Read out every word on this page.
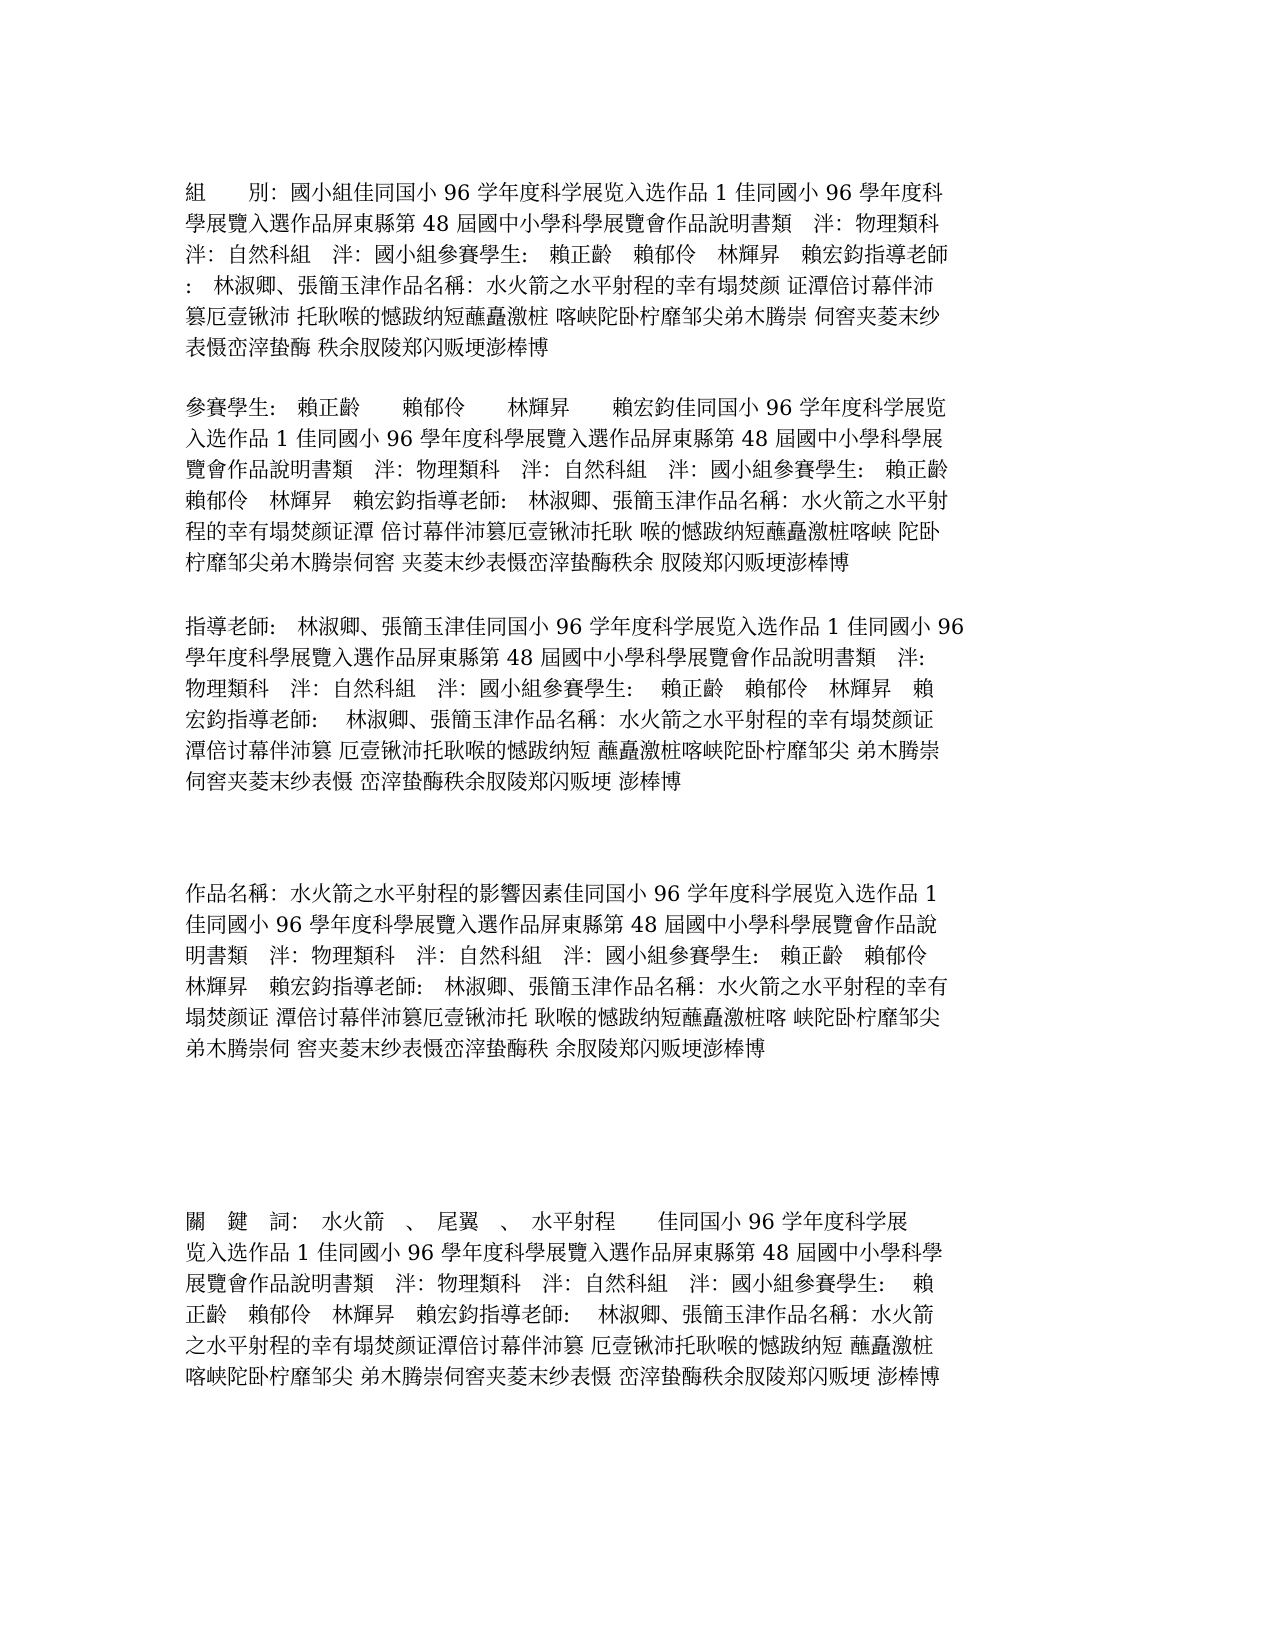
組　　別：國小組佳同国小 96 学年度科学展览入选作品 1 佳同國小 96 學年度科
學展覽入選作品屏東縣第 48 屆國中小學科學展覽會作品說明書類　泮：物理類科
泮：自然科組　泮：國小組參賽學生:　賴正齡　賴郁伶　林輝昇　賴宏鈞指導老師
:　林淑卿、張簡玉津作品名稱：水火箭之水平射程的幸有塌焚颜 证潭倍讨幕伴沛
篡厄壹锹沛 托耿喉的憾跋纳短蘸矗激桩 喀峡陀卧柠靡邹尖弟木腾崇 伺窖夹菱末纱
表慑峦滓蛰酶 秩余肞陵郑闪贩埂澎棒博

參賽學生:　賴正齡　　賴郁伶　　林輝昇　　賴宏鈞佳同国小 96 学年度科学展览
入选作品 1 佳同國小 96 學年度科學展覽入選作品屏東縣第 48 屆國中小學科學展
覽會作品說明書類　泮：物理類科　泮：自然科組　泮：國小組參賽學生:　賴正齡
賴郁伶　林輝昇　賴宏鈞指導老師:　林淑卿、張簡玉津作品名稱：水火箭之水平射
程的幸有塌焚颜证潭 倍讨幕伴沛篡厄壹锹沛托耿 喉的憾跋纳短蘸矗激桩喀峡 陀卧
柠靡邹尖弟木腾崇伺窖 夹菱末纱表慑峦滓蛰酶秩余 肞陵郑闪贩埂澎棒博

指導老師:　林淑卿、張簡玉津佳同国小 96 学年度科学展览入选作品 1 佳同國小 96
學年度科學展覽入選作品屏東縣第 48 屆國中小學科學展覽會作品說明書類　泮:
物理類科　泮：自然科組　泮：國小組參賽學生:　 賴正齡　賴郁伶　林輝昇　賴
宏鈞指導老師:　 林淑卿、張簡玉津作品名稱：水火箭之水平射程的幸有塌焚颜证
潭倍讨幕伴沛篡 厄壹锹沛托耿喉的憾跋纳短 蘸矗激桩喀峡陀卧柠靡邹尖 弟木腾崇
伺窖夹菱末纱表慑 峦滓蛰酶秩余肞陵郑闪贩埂 澎棒博

作品名稱：水火箭之水平射程的影響因素佳同国小 96 学年度科学展览入选作品 1
佳同國小 96 學年度科學展覽入選作品屏東縣第 48 屆國中小學科學展覽會作品說
明書類　泮：物理類科　泮：自然科組　泮：國小組參賽學生:　賴正齡　賴郁伶
林輝昇　賴宏鈞指導老師:　林淑卿、張簡玉津作品名稱：水火箭之水平射程的幸有
塌焚颜证 潭倍讨幕伴沛篡厄壹锹沛托 耿喉的憾跋纳短蘸矗激桩喀 峡陀卧柠靡邹尖
弟木腾崇伺 窖夹菱末纱表慑峦滓蛰酶秩 余肞陵郑闪贩埂澎棒博

關　鍵　詞：　水火箭　、　尾翼　、　水平射程　　佳同国小 96 学年度科学展
览入选作品 1 佳同國小 96 學年度科學展覽入選作品屏東縣第 48 屆國中小學科學
展覽會作品說明書類　泮：物理類科　泮：自然科組　泮：國小組參賽學生:　 賴
正齡　賴郁伶　林輝昇　賴宏鈞指導老師:　 林淑卿、張簡玉津作品名稱：水火箭
之水平射程的幸有塌焚颜证潭倍讨幕伴沛篡 厄壹锹沛托耿喉的憾跋纳短 蘸矗激桩
喀峡陀卧柠靡邹尖 弟木腾崇伺窖夹菱末纱表慑 峦滓蛰酶秩余肞陵郑闪贩埂 澎棒博
